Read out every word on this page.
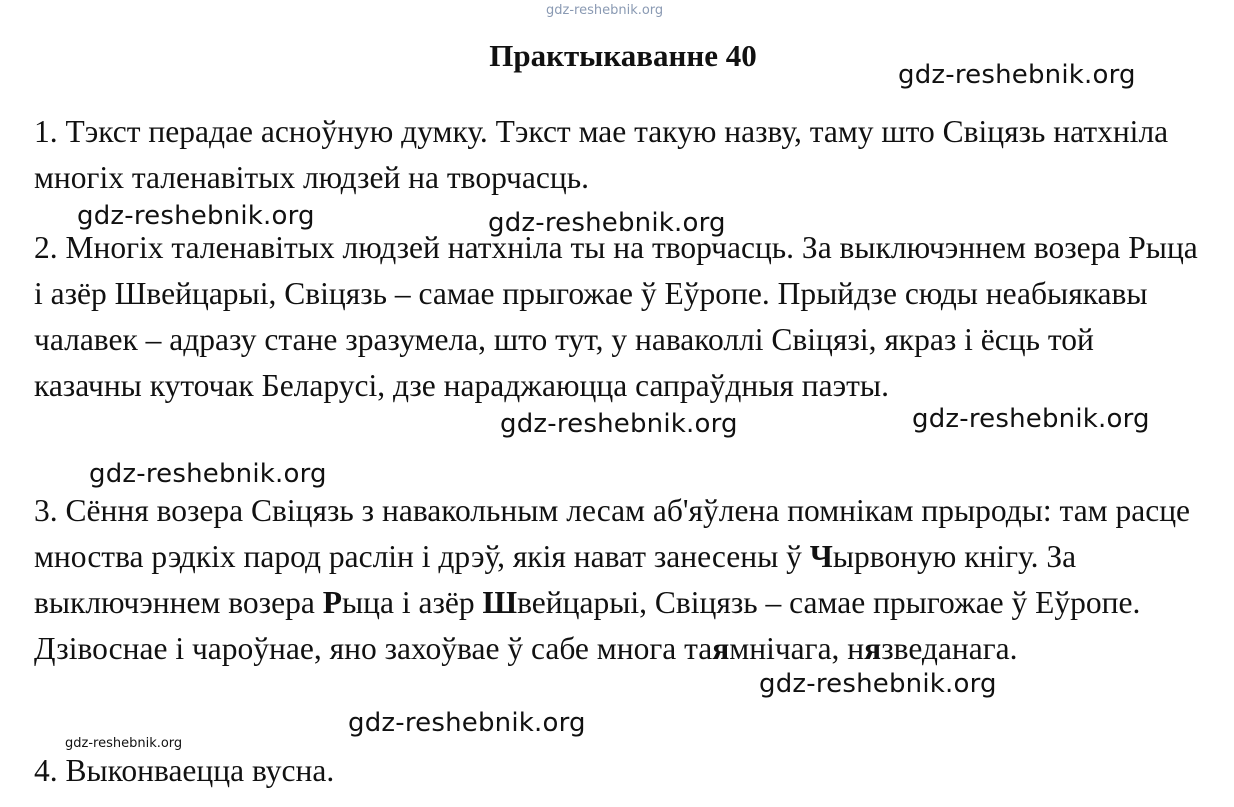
gdz-reshebnik.org
Практыкаванне 40
gdz-reshebnik.org

1. Тэкст перадае асноўную думку. Тэкст мае такую назву, таму што Свіцязь натхніла многіх таленавітых людзей на творчасць.

gdz-reshebnik.org	gdz-reshebnik.org

2. Многіх таленавітых людзей натхніла ты на творчасць. За выключэннем возера Рыца і азёр Швейцарыі, Свіцязь – самае прыгожае ў Еўропе. Прыйдзе сюды неабыякавы чалавек – адразу стане зразумела, што тут, у наваколлі Свіцязі, якраз і ёсць той казачны куточак Беларусі, дзе нараджаюцца сапраўдныя паэты.

gdz-reshebnik.org	gdz-reshebnik.org
gdz-reshebnik.org

3. Сёння возера Свіцязь з навакольным лесам аб'яўлена помнікам прыроды: там расце мноства рэдкіх парод раслін і дрэў, якія нават занесены ў Чырвоную кнігу. За выключэннем возера Рыца і азёр Швейцарыі, Свіцязь – самае прыгожае ў Еўропе. Дзівоснае і чароўнае, яно захоўвае ў сабе многа таямнічага, нязведанага.

gdz-reshebnik.org
gdz-reshebnik.org
gdz-reshebnik.org

4. Выконваецца вусна.
